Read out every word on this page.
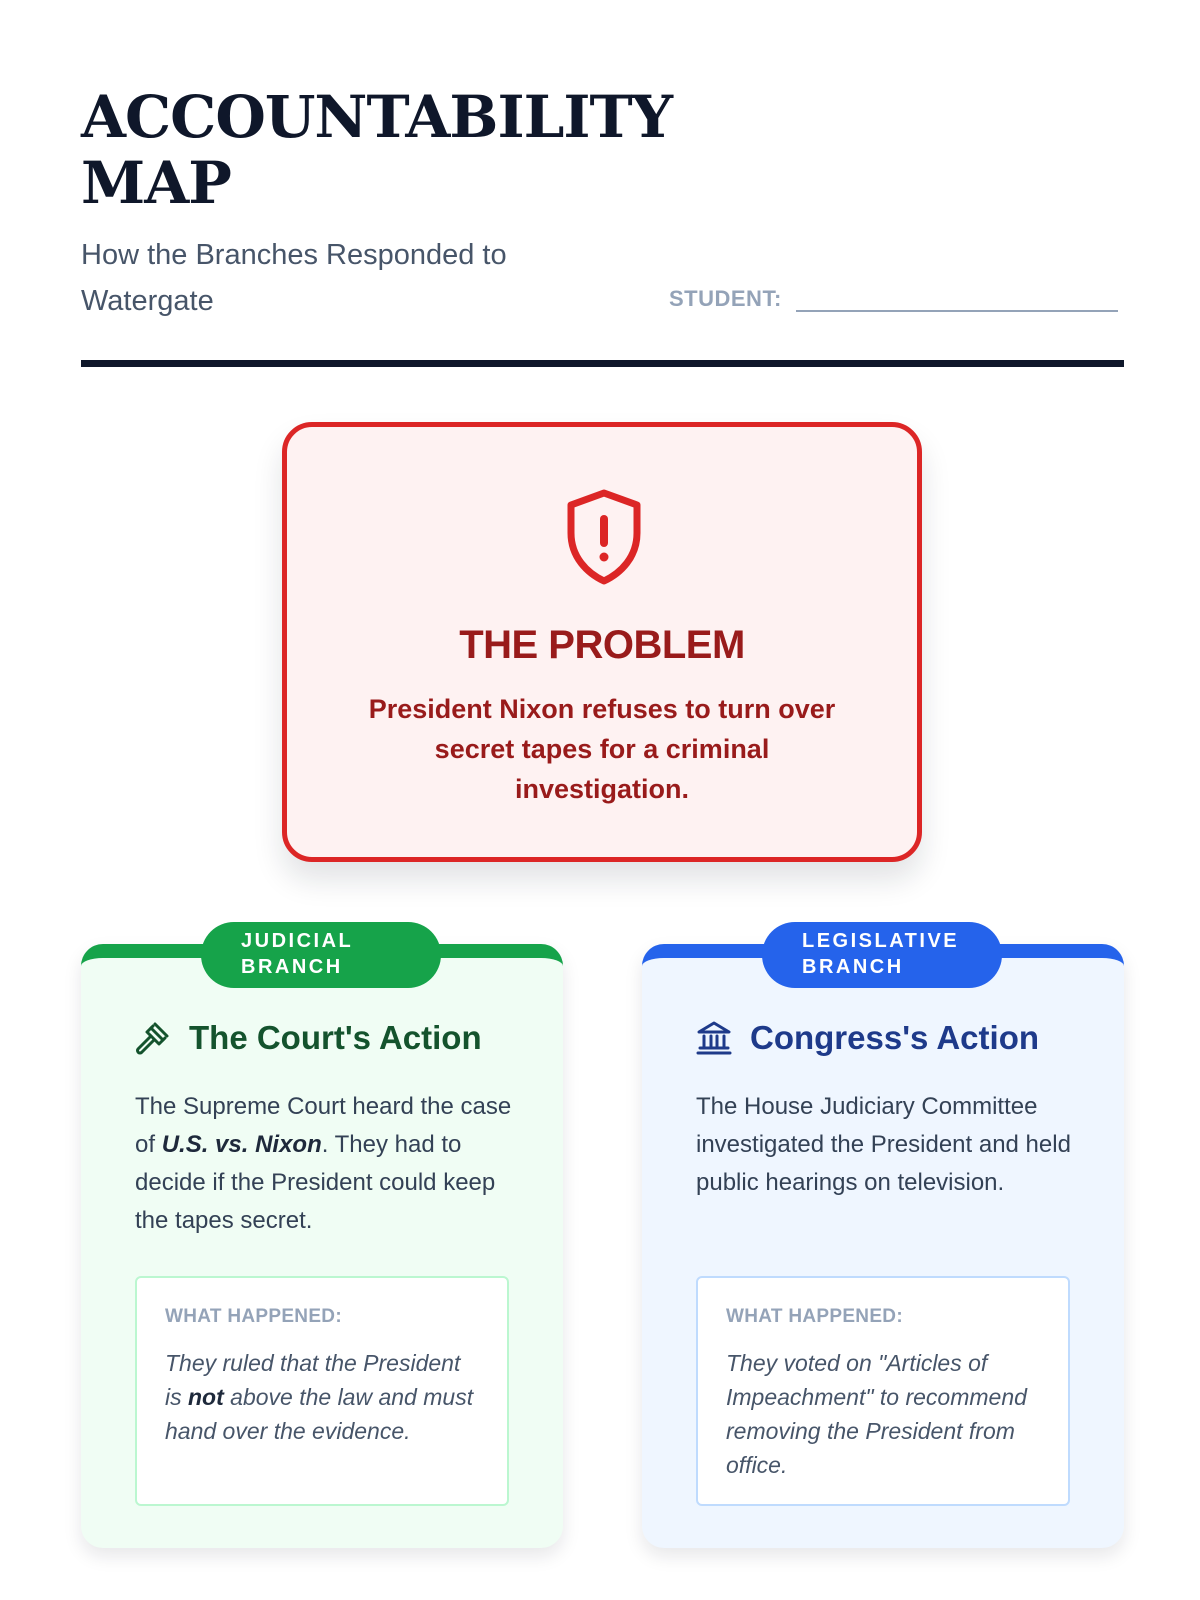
ACCOUNTABILITY MAP

How the Branches Responded to Watergate	STUDENT:
THE PROBLEM

President Nixon refuses to turn over secret tapes for a criminal investigation.

JUDICIAL
BRANCH
The Court's Action

The Supreme Court heard the case of U.S. vs. Nixon. They had to decide if the President could keep the tapes secret.

WHAT HAPPENED:

They ruled that the President is not above the law and must hand over the evidence.

LEGISLATIVE
BRANCH
Congress's Action

The House Judiciary Committee investigated the President and held public hearings on television.

WHAT HAPPENED:

They voted on "Articles of Impeachment" to recommend removing the President from office.
